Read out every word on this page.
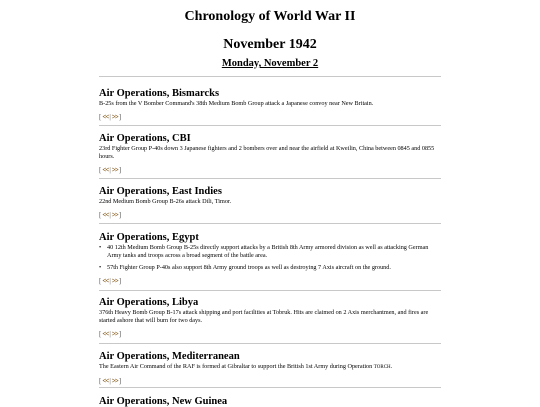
Chronology of World War II
November 1942
Monday, November 2

Air Operations, Bismarcks

B-25s from the V Bomber Command's 38th Medium Bomb Group attack a Japanese convoy near New Britain.

[<<|>>]

Air Operations, CBI

23rd Fighter Group P-40s down 3 Japanese fighters and 2 bombers over and near the airfield at Kweilin, China between 0845 and 0855 hours.

[<<|>>]

Air Operations, East Indies

22nd Medium Bomb Group B-26s attack Dili, Timor.

[<<|>>]

Air Operations, Egypt

• 40 12th Medium Bomb Group B-25s directly support attacks by a British 8th Army armored division as well as attacking German Army tanks and troops across a broad segment of the battle area.

• 57th Fighter Group P-40s also support 8th Army ground troops as well as destroying 7 Axis aircraft on the ground.

[<<|>>]

Air Operations, Libya

376th Heavy Bomb Group B-17s attack shipping and port facilities at Tobruk. Hits are claimed on 2 Axis merchantmen, and fires are started ashore that will burn for two days.

[<<|>>]

Air Operations, Mediterranean

The Eastern Air Command of the RAF is formed at Gibraltar to support the British 1st Army during Operation TORCH.

[<<|>>]

Air Operations, New Guinea
